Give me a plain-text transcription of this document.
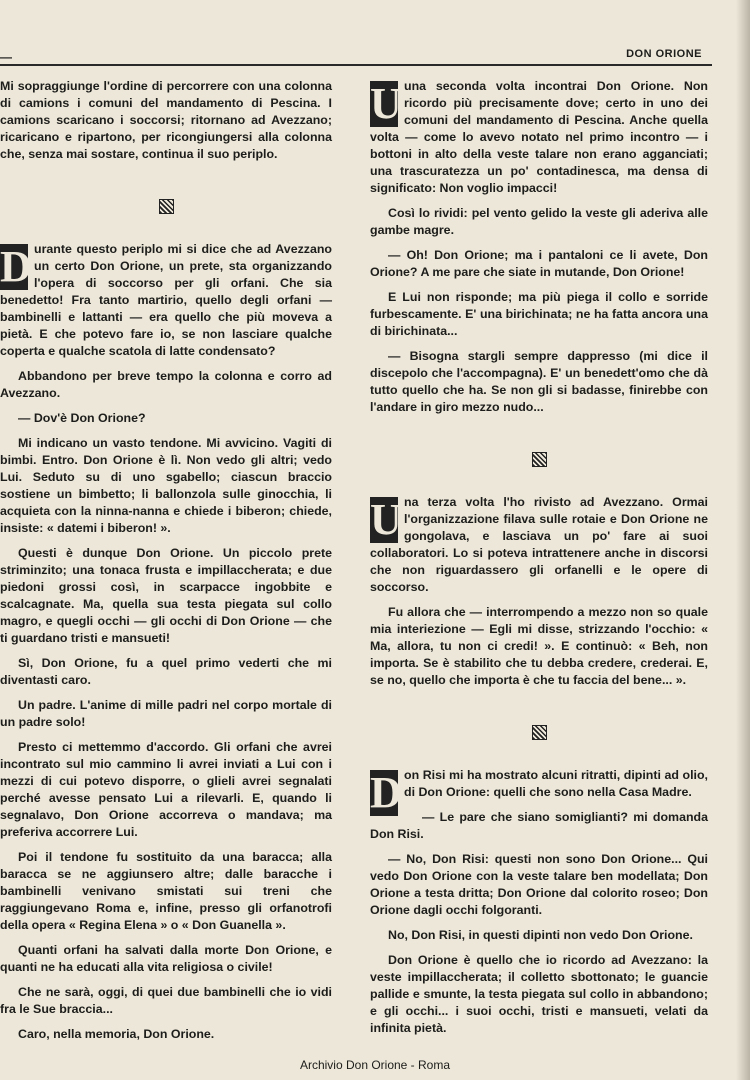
—	DON ORIONE

Mi sopraggiunge l'ordine di percorrere con una colonna di camions i comuni del mandamento di Pescina. I camions scaricano i soccorsi; ritornano ad Avezzano; ricaricano e ripartono, per ricongiungersi alla colonna che, senza mai sostare, continua il suo periplo.

D urante questo periplo mi si dice che ad Avezzano un certo Don Orione, un prete, sta organizzando l'opera di soccorso per gli orfani. Che sia benedetto! Fra tanto martirio, quello degli orfani — bambinelli e lattanti — era quello che più moveva a pietà. E che potevo fare io, se non lasciare qualche coperta e qualche scatola di latte condensato?

Abbandono per breve tempo la colonna e corro ad Avezzano.

— Dov'è Don Orione?

Mi indicano un vasto tendone. Mi avvicino. Vagiti di bimbi. Entro. Don Orione è lì. Non vedo gli altri; vedo Lui. Seduto su di uno sgabello; ciascun braccio sostiene un bimbetto; li ballonzola sulle ginocchia, li acquieta con la ninna-nanna e chiede i biberon; chiede, insiste: « datemi i biberon! ».

Questi è dunque Don Orione. Un piccolo prete striminzito; una tonaca frusta e impillaccherata; e due piedoni grossi così, in scarpacce ingobbite e scalcagnate. Ma, quella sua testa piegata sul collo magro, e quegli occhi — gli occhi di Don Orione — che ti guardano tristi e mansueti!

Sì, Don Orione, fu a quel primo vederti che mi diventasti caro.

Un padre. L'anime di mille padri nel corpo mortale di un padre solo!

Presto ci mettemmo d'accordo. Gli orfani che avrei incontrato sul mio cammino li avrei inviati a Lui con i mezzi di cui potevo disporre, o glieli avrei segnalati perché avesse pensato Lui a rilevarli. E, quando li segnalavo, Don Orione accorreva o mandava; ma preferiva accorrere Lui.

Poi il tendone fu sostituito da una baracca; alla baracca se ne aggiunsero altre; dalle baracche i bambinelli venivano smistati sui treni che raggiungevano Roma e, infine, presso gli orfanotrofi della opera « Regina Elena » o « Don Guanella ».

Quanti orfani ha salvati dalla morte Don Orione, e quanti ne ha educati alla vita religiosa o civile!

Che ne sarà, oggi, di quei due bambinelli che io vidi fra le Sue braccia...

Caro, nella memoria, Don Orione.

U una seconda volta incontrai Don Orione. Non ricordo più precisamente dove; certo in uno dei comuni del mandamento di Pescina. Anche quella volta — come lo avevo notato nel primo incontro — i bottoni in alto della veste talare non erano agganciati; una trascuratezza un po' contadinesca, ma densa di significato: Non voglio impacci!

Così lo rividi: pel vento gelido la veste gli aderiva alle gambe magre.

— Oh! Don Orione; ma i pantaloni ce li avete, Don Orione? A me pare che siate in mutande, Don Orione!

E Lui non risponde; ma più piega il collo e sorride furbescamente. E' una birichinata; ne ha fatta ancora una di birichinata...

— Bisogna stargli sempre dappresso (mi dice il discepolo che l'accompagna). E' un benedett'omo che dà tutto quello che ha. Se non gli si badasse, finirebbe con l'andare in giro mezzo nudo...

U na terza volta l'ho rivisto ad Avezzano. Ormai l'organizzazione filava sulle rotaie e Don Orione ne gongolava, e lasciava un po' fare ai suoi collaboratori. Lo si poteva intrattenere anche in discorsi che non riguardassero gli orfanelli e le opere di soccorso.

Fu allora che — interrompendo a mezzo non so quale mia interiezione — Egli mi disse, strizzando l'occhio: « Ma, allora, tu non ci credi! ». E continuò: « Beh, non importa. Se è stabilito che tu debba credere, crederai. E, se no, quello che importa è che tu faccia del bene... ».

D on Risi mi ha mostrato alcuni ritratti, dipinti ad olio, di Don Orione: quelli che sono nella Casa Madre.

— Le pare che siano somiglianti? mi domanda Don Risi.

— No, Don Risi: questi non sono Don Orione... Qui vedo Don Orione con la veste talare ben modellata; Don Orione a testa dritta; Don Orione dal colorito roseo; Don Orione dagli occhi folgoranti.

No, Don Risi, in questi dipinti non vedo Don Orione.

Don Orione è quello che io ricordo ad Avezzano: la veste impillaccherata; il colletto sbottonato; le guancie pallide e smunte, la testa piegata sul collo in abbandono; e gli occhi... i suoi occhi, tristi e mansueti, velati da infinita pietà.

Archivio Don Orione - Roma
